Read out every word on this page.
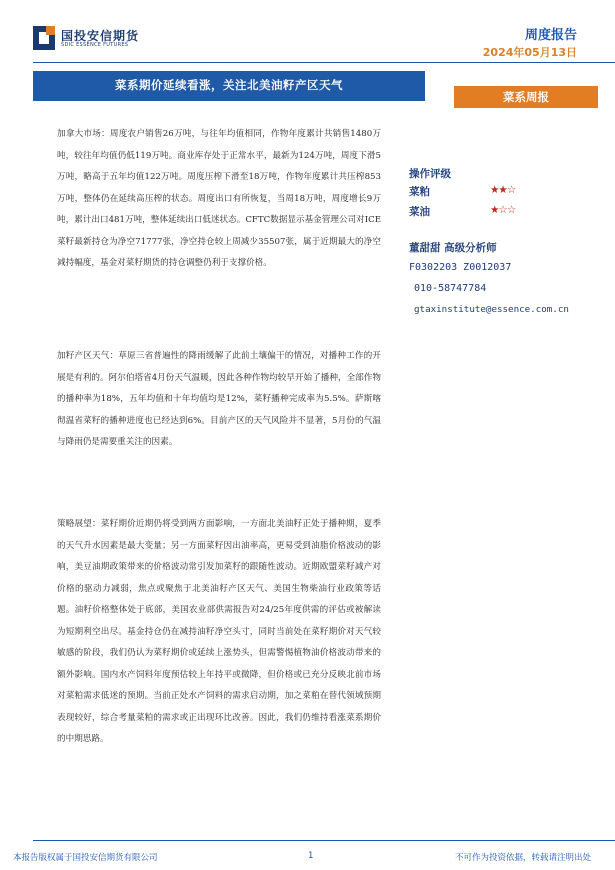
国投安信期货
SDIC ESSENCE FUTURES
周度报告
2024年05月13日
菜系期价延续看涨，关注北美油籽产区天气
菜系周报

加拿大市场：周度农户销售26万吨，与往年均值相同，作物年度累计共销售1480万吨，较往年均值仍低119万吨。商业库存处于正常水平，最新为124万吨，周度下滑5万吨，略高于五年均值122万吨。周度压榨下滑至18万吨，作物年度累计共压榨853万吨，整体仍在延续高压榨的状态。周度出口有所恢复，当周18万吨，周度增长9万吨，累计出口481万吨，整体延续出口低迷状态。CFTC数据显示基金管理公司对ICE菜籽最新持仓为净空71777张，净空持仓较上周减少35507张，属于近期最大的净空减持幅度，基金对菜籽期货的持仓调整仍利于支撑价格。

加籽产区天气：草原三省普遍性的降雨缓解了此前土壤偏干的情况，对播种工作的开展是有利的。阿尔伯塔省4月份天气温暖，因此各种作物均较早开始了播种，全部作物的播种率为18%，五年均值和十年均值均是12%，菜籽播种完成率为5.5%。萨斯喀彻温省菜籽的播种进度也已经达到6%。目前产区的天气风险并不显著，5月份的气温与降雨仍是需要重关注的因素。

策略展望：菜籽期价近期仍将受到两方面影响，一方面北美油籽正处于播种期，夏季的天气升水因素是最大变量；另一方面菜籽因出油率高，更易受到油脂价格波动的影响，美豆油期政策带来的价格波动常引发加菜籽的跟随性波动。近期欧盟菜籽减产对价格的驱动力减弱，焦点或聚焦于北美油籽产区天气、美国生物柴油行业政策等话题。油籽价格整体处于底部，美国农业部供需报告对24/25年度供需的评估或被解读为短期利空出尽。基金持仓仍在减持油籽净空头寸，同时当前处在菜籽期价对天气较敏感的阶段，我们仍认为菜籽期价或延续上涨势头，但需警惕植物油价格波动带来的额外影响。国内水产饲料年度预估较上年持平或微降，但价格或已充分反映北前市场对菜粕需求低迷的预期。当前正处水产饲料的需求启动期，加之菜粕在替代领域预期表现较好，综合考量菜粕的需求或正出现环比改善。因此，我们仍维持看涨菜系期价的中期思路。

操作评级
菜粕	★★☆
菜油	★☆☆
董甜甜 高级分析师
F0302203 Z0012037
010-58747784
gtaxinstitute@essence.com.cn
本报告版权属于国投安信期货有限公司	1	不可作为投资依据，转载请注明出处
